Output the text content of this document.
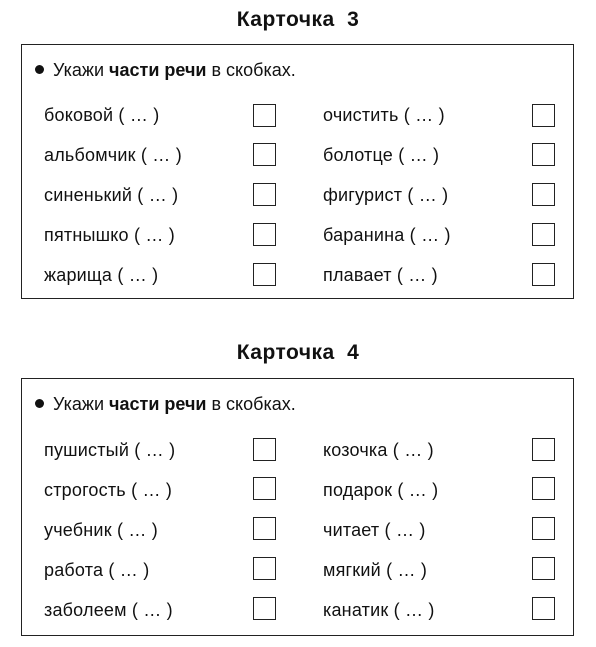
Карточка 3
Укажи части речи в скобках.
боковой ( … )	очистить ( … )
альбомчик ( … )	болотце ( … )
синенький ( … )	фигурист ( … )
пятнышко ( … )	баранина ( … )
жарища ( … )	плавает ( … )
Карточка 4
Укажи части речи в скобках.
пушистый ( … )	козочка ( … )
строгость ( … )	подарок ( … )
учебник ( … )	читает ( … )
работа ( … )	мягкий ( … )
заболеем ( … )	канатик ( … )
